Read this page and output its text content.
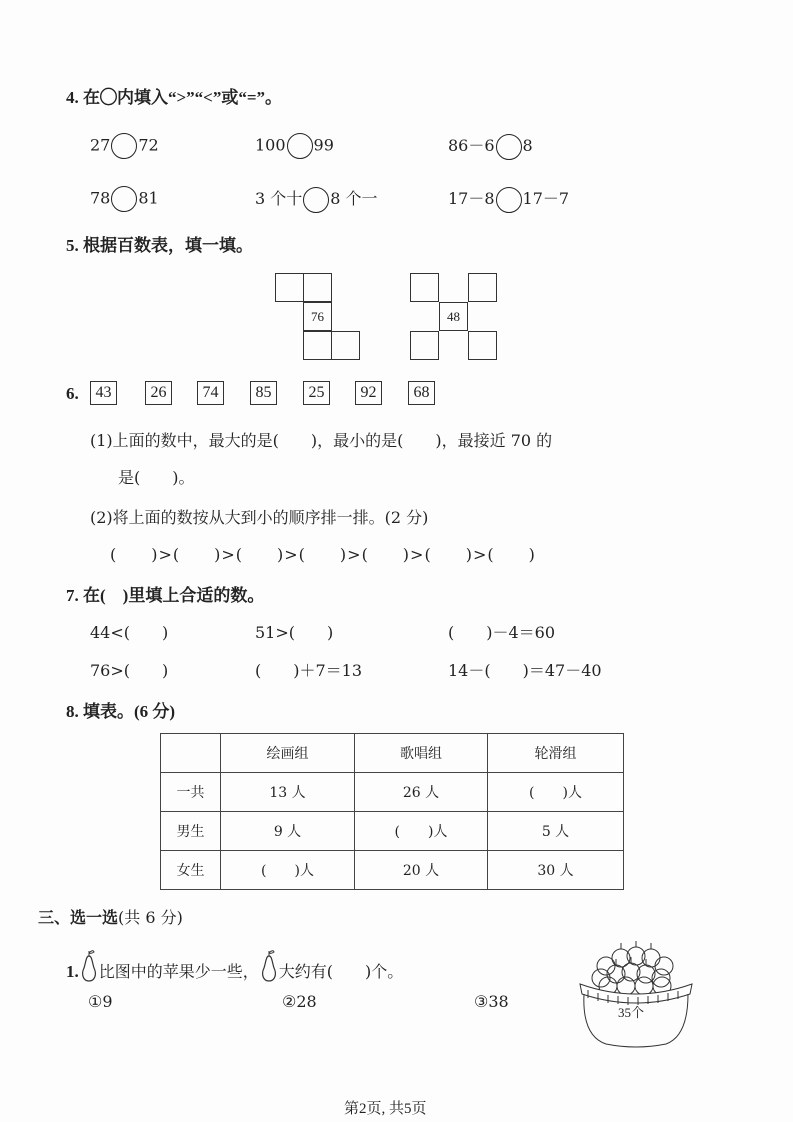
4. 在◯内填入“>”“<”或“=”。
27 72	100 99	86－6 8
78 81	3 个十 8 个一	17－8 17－7
5. 根据百数表，填一填。
76	48
6.	43	26	74	85	25	92	68
(1)上面的数中，最大的是(　　)，最小的是(　　)，最接近 70 的
是(　　)。
(2)将上面的数按从大到小的顺序排一排。(2 分)
(　　)>(　　)>(　　)>(　　)>(　　)>(　　)>(　　)
7. 在(　)里填上合适的数。
44<(　　)	51>(　　)	(　　)－4＝60
76>(　　)	(　　)＋7＝13	14－(　　)＝47－40
8. 填表。(6 分)
	绘画组	歌唱组	轮滑组
一共	13 人	26 人	(　　)人
男生	9 人	(　　)人	5 人
女生	(　　)人	20 人	30 人
三、选一选(共 6 分)
1. 比图中的苹果少一些， 大约有(　　)个。
①9	②28	③38
35个
第2页, 共5页
